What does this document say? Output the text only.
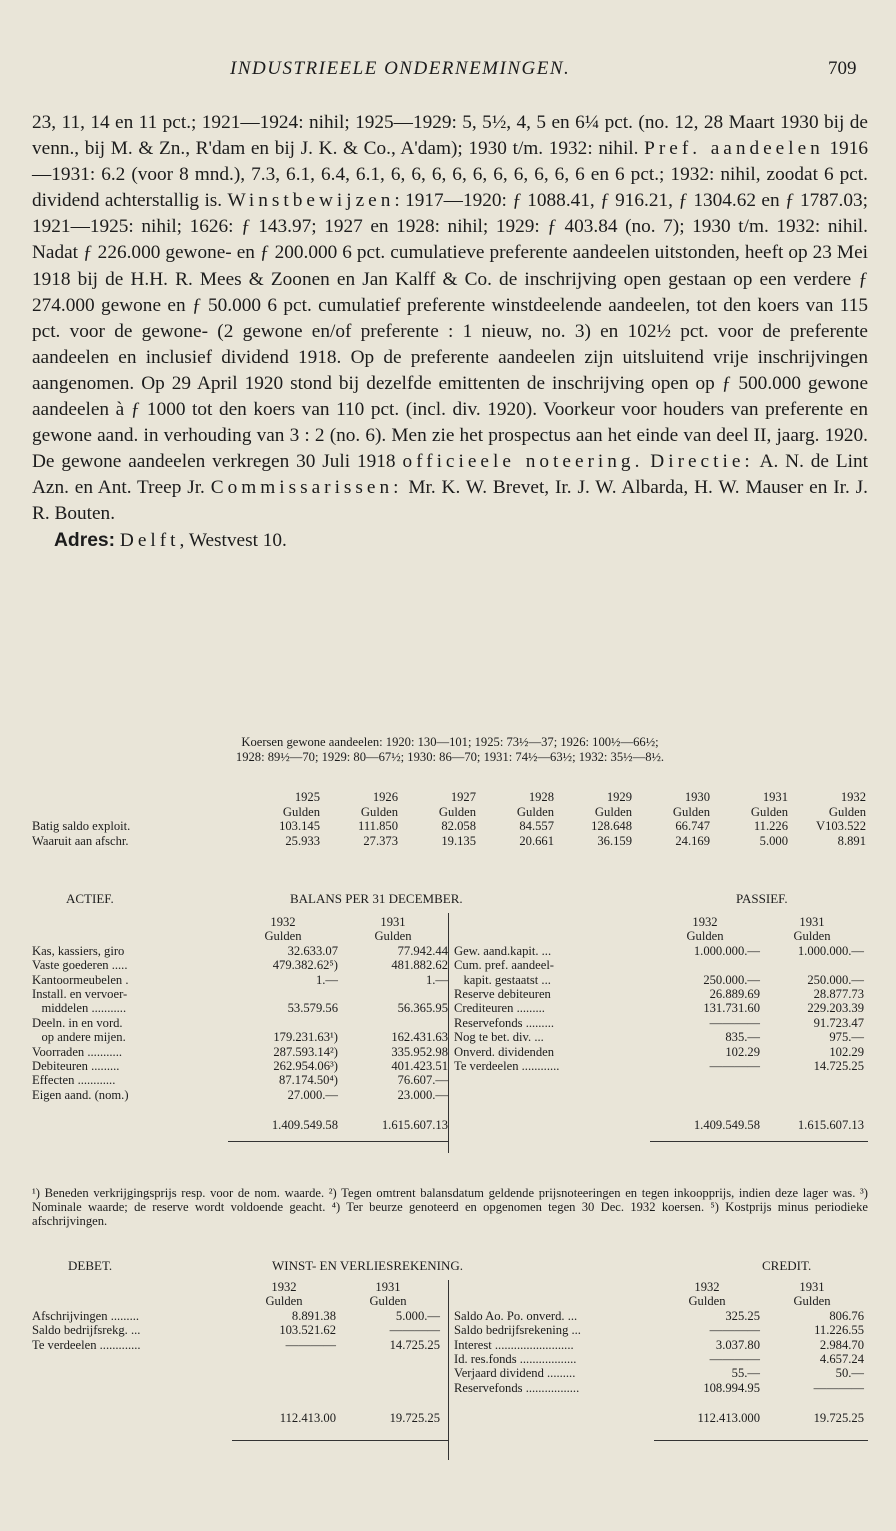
INDUSTRIEELE ONDERNEMINGEN.	709

23, 11, 14 en 11 pct.; 1921—1924: nihil; 1925—1929: 5, 5½, 4, 5 en 6¼ pct. (no. 12, 28 Maart 1930 bij de venn., bij M. & Zn., R'dam en bij J. K. & Co., A'dam); 1930 t/m. 1932: nihil. Pref. aandeelen 1916—1931: 6.2 (voor 8 mnd.), 7.3, 6.1, 6.4, 6.1, 6, 6, 6, 6, 6, 6, 6, 6, 6, 6 en 6 pct.; 1932: nihil, zoodat 6 pct. dividend achterstallig is. Winstbewijzen: 1917—1920: ƒ 1088.41, ƒ 916.21, ƒ 1304.62 en ƒ 1787.03; 1921—1925: nihil; 1626: ƒ 143.97; 1927 en 1928: nihil; 1929: ƒ 403.84 (no. 7); 1930 t/m. 1932: nihil. Nadat ƒ 226.000 gewone- en ƒ 200.000 6 pct. cumulatieve preferente aandeelen uitstonden, heeft op 23 Mei 1918 bij de H.H. R. Mees & Zoonen en Jan Kalff & Co. de inschrijving open gestaan op een verdere ƒ 274.000 gewone en ƒ 50.000 6 pct. cumulatief preferente winstdeelende aandeelen, tot den koers van 115 pct. voor de gewone- (2 gewone en/of preferente : 1 nieuw, no. 3) en 102½ pct. voor de preferente aandeelen en inclusief dividend 1918. Op de preferente aandeelen zijn uitsluitend vrije inschrijvingen aangenomen. Op 29 April 1920 stond bij dezelfde emittenten de inschrijving open op ƒ 500.000 gewone aandeelen à ƒ 1000 tot den koers van 110 pct. (incl. div. 1920). Voorkeur voor houders van preferente en gewone aand. in verhouding van 3 : 2 (no. 6). Men zie het prospectus aan het einde van deel II, jaarg. 1920. De gewone aandeelen verkregen 30 Juli 1918 officieele noteering. Directie: A. N. de Lint Azn. en Ant. Treep Jr. Commissarissen: Mr. K. W. Brevet, Ir. J. W. Albarda, H. W. Mauser en Ir. J. R. Bouten.

Adres: Delft, Westvest 10.

Koersen gewone aandeelen: 1920: 130—101; 1925: 73½—37; 1926: 100½—66½;
1928: 89½—70; 1929: 80—67½; 1930: 86—70; 1931: 74½—63½; 1932: 35½—8½.
	1925	1926	1927	1928	1929	1930	1931	1932
	Gulden	Gulden	Gulden	Gulden	Gulden	Gulden	Gulden	Gulden
Batig saldo exploit.	103.145	111.850	82.058	84.557	128.648	66.747	11.226	V103.522
Waaruit aan afschr.	25.933	27.373	19.135	20.661	36.159	24.169	5.000	8.891
ACTIEF.	BALANS PER 31 DECEMBER.	PASSIEF.
	1932	1931
	Gulden	Gulden
Kas, kassiers, giro	32.633.07	77.942.44
Vaste goederen .....	479.382.62⁵)	481.882.62
Kantoormeubelen .	1.—	1.—
Install. en vervoer-		
middelen ...........	53.579.56	56.365.95
Deeln. in en vord.		
op andere mijen.	179.231.63¹)	162.431.63
Voorraden ...........	287.593.14²)	335.952.98
Debiteuren .........	262.954.06³)	401.423.51
Effecten ............	87.174.50⁴)	76.607.—
Eigen aand. (nom.)	27.000.—	23.000.—
	1.409.549.58	1.615.607.13
	1932	1931
	Gulden	Gulden
Gew. aand.kapit. ...	1.000.000.—	1.000.000.—
Cum. pref. aandeel-		
kapit. gestaatst ...	250.000.—	250.000.—
Reserve debiteuren	26.889.69	28.877.73
Crediteuren .........	131.731.60	229.203.39
Reservefonds .........	————	91.723.47
Nog te bet. div. ...	835.—	975.—
Onverd. dividenden	102.29	102.29
Te verdeelen ............	————	14.725.25

	1.409.549.58	1.615.607.13
¹) Beneden verkrijgingsprijs resp. voor de nom. waarde. ²) Tegen omtrent balansdatum geldende prijsnoteeringen en tegen inkoopprijs, indien deze lager was. ³) Nominale waarde; de reserve wordt voldoende geacht. ⁴) Ter beurze genoteerd en opgenomen tegen 30 Dec. 1932 koersen. ⁵) Kostprijs minus periodieke afschrijvingen.
DEBET.	WINST- EN VERLIESREKENING.	CREDIT.
	1932	1931
	Gulden	Gulden
Afschrijvingen .........	8.891.38	5.000.—
Saldo bedrijfsrekg. ...	103.521.62	————
Te verdeelen .............	————	14.725.25

	112.413.00	19.725.25
	1932	1931
	Gulden	Gulden
Saldo Ao. Po. onverd. ...	325.25	806.76
Saldo bedrijfsrekening ...	————	11.226.55
Interest .........................	3.037.80	2.984.70
Id. res.fonds ..................	————	4.657.24
Verjaard dividend .........	55.—	50.—
Reservefonds .................	108.994.95	————
	112.413.000	19.725.25
